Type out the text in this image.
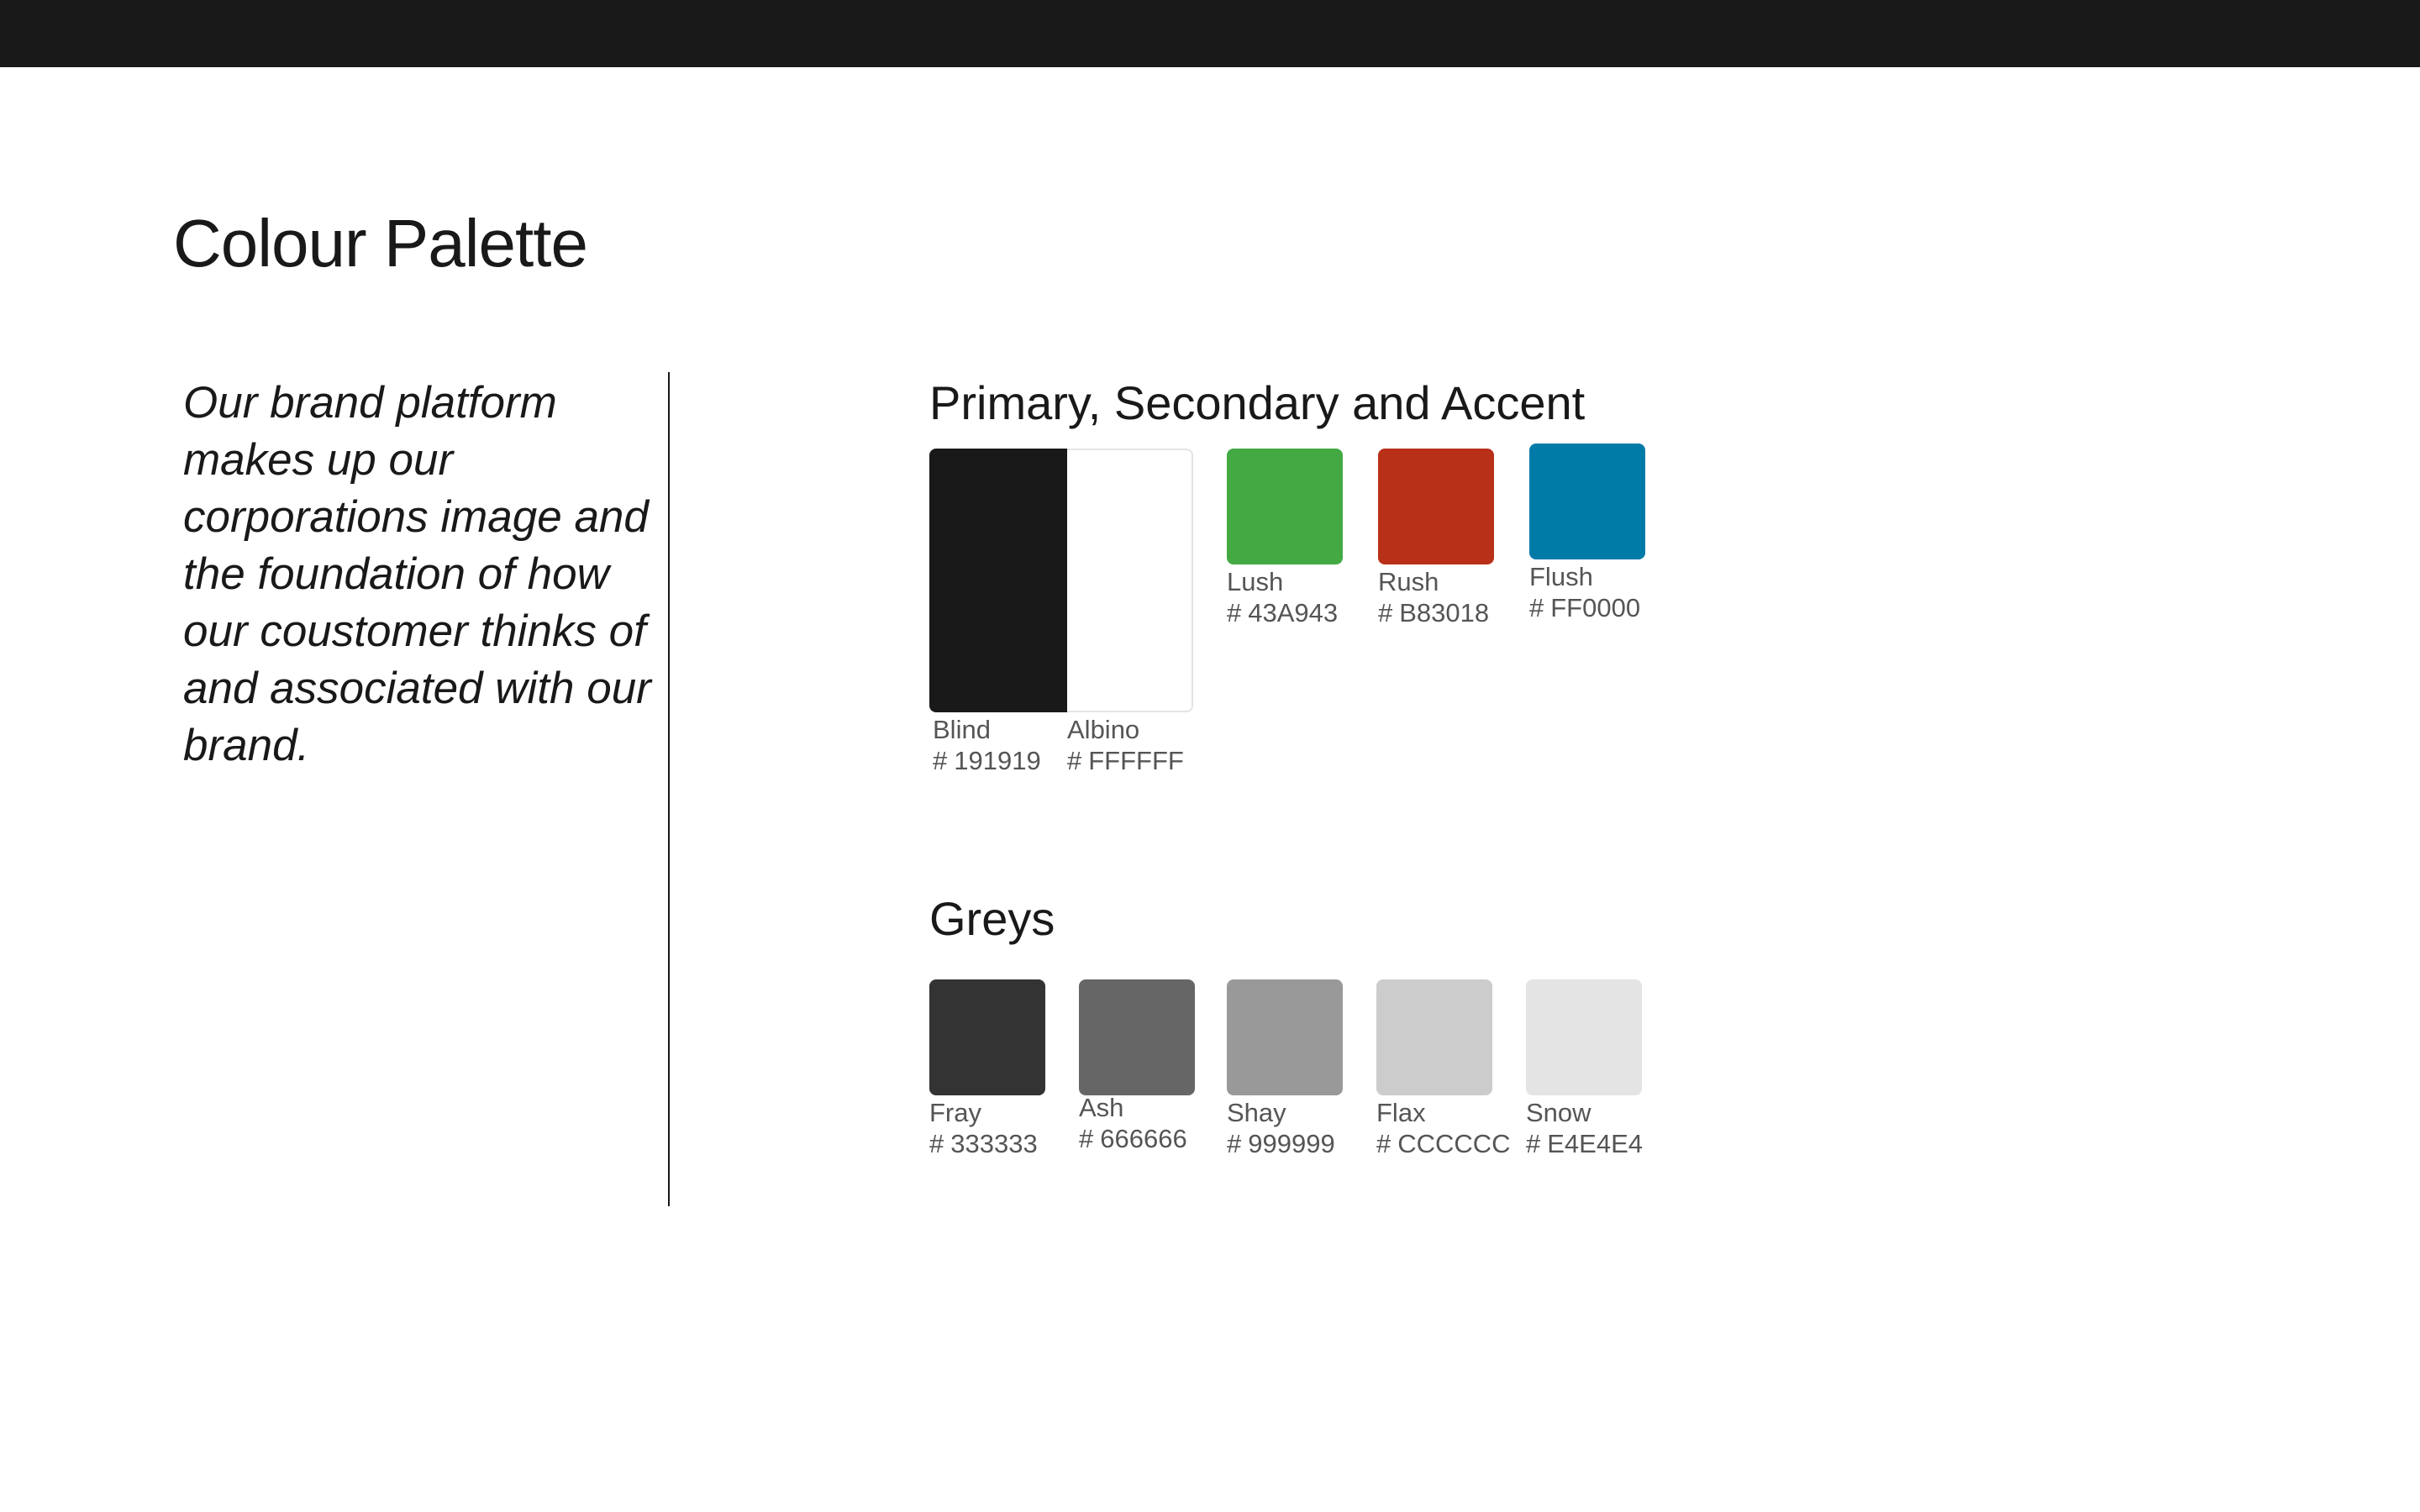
Colour Palette

Our brand platform makes up our corporations image and the foundation of how our coustomer thinks of and associated with our brand.

Primary, Secondary and Accent
Blind
# 191919
Albino
# FFFFFF
Lush
# 43A943
Rush
# B83018
Flush
# FF0000
Greys
Fray
# 333333
Ash
# 666666
Shay
# 999999
Flax
# CCCCCC
Snow
# E4E4E4
